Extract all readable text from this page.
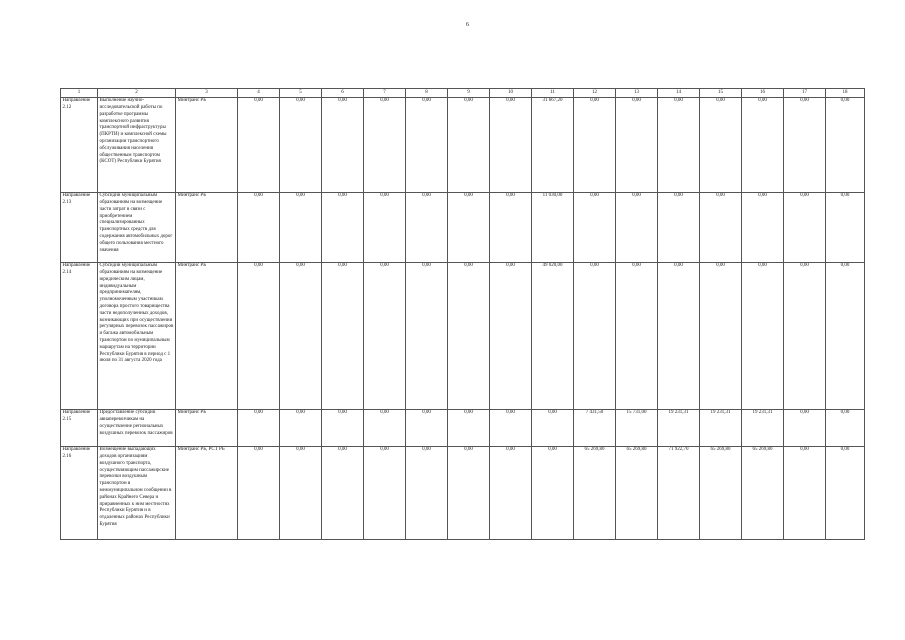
6
1	2	3	4	5	6	7	8	9	10	11	12	13	14	15	16	17	18
Направление 2.12	Выполнение научно-исследовательской работы по разработке программы комплексного развития транспортной инфраструктуры (ПКРТИ) и комплексной схемы организации транспортного обслуживания населения общественным транспортом (КСОТ) Республики Бурятия	Минтранс РБ	0,00	0,00	0,00	0,00	0,00	0,00	0,00	31 667,20	0,00	0,00	0,00	0,00	0,00	0,00	0,00
Направление 2.13	Субсидии муниципальным образованиям на возмещение части затрат в связи с приобретением специализированных транспортных средств для содержания автомобильных дорог общего пользования местного значения	Минтранс РБ	0,00	0,00	0,00	0,00	0,00	0,00	0,00	11 030,00	0,00	0,00	0,00	0,00	0,00	0,00	0,00
Направление 2.14	Субсидии муниципальным образованиям на возмещение юридическим лицам, индивидуальным предпринимателям, уполномоченным участникам договора простого товарищества части недополученных доходов, возникающих при осуществлении регулярных перевозок пассажиров и багажа автомобильным транспортом по муниципальным маршрутам на территории Республики Бурятия в период с 1 июля по 31 августа 2020 года	Минтранс РБ	0,00	0,00	0,00	0,00	0,00	0,00	0,00	49 020,00	0,00	0,00	0,00	0,00	0,00	0,00	0,00
Направление 2.15	Предоставление субсидии авиаперевозчикам на осуществление региональных воздушных перевозок пассажиров	Минтранс РБ	0,00	0,00	0,00	0,00	0,00	0,00	0,00	0,00	7 431,50	15 731,00	19 231,31	19 231,31	19 231,31	0,00	0,00
Направление 2.16	Возмещение выпадающих доходов организациям воздушного транспорта, осуществляющим пассажирские перевозки воздушным транспортом в межмуниципальном сообщении в районах Крайнего Севера и приравненных к ним местностях Республики Бурятия и в отдаленных районах Республики Бурятия	Минтранс РБ, РСТ РБ	0,00	0,00	0,00	0,00	0,00	0,00	0,00	0,00	65 269,80	65 269,80	71 922,70	65 269,80	65 269,80	0,00	0,00
